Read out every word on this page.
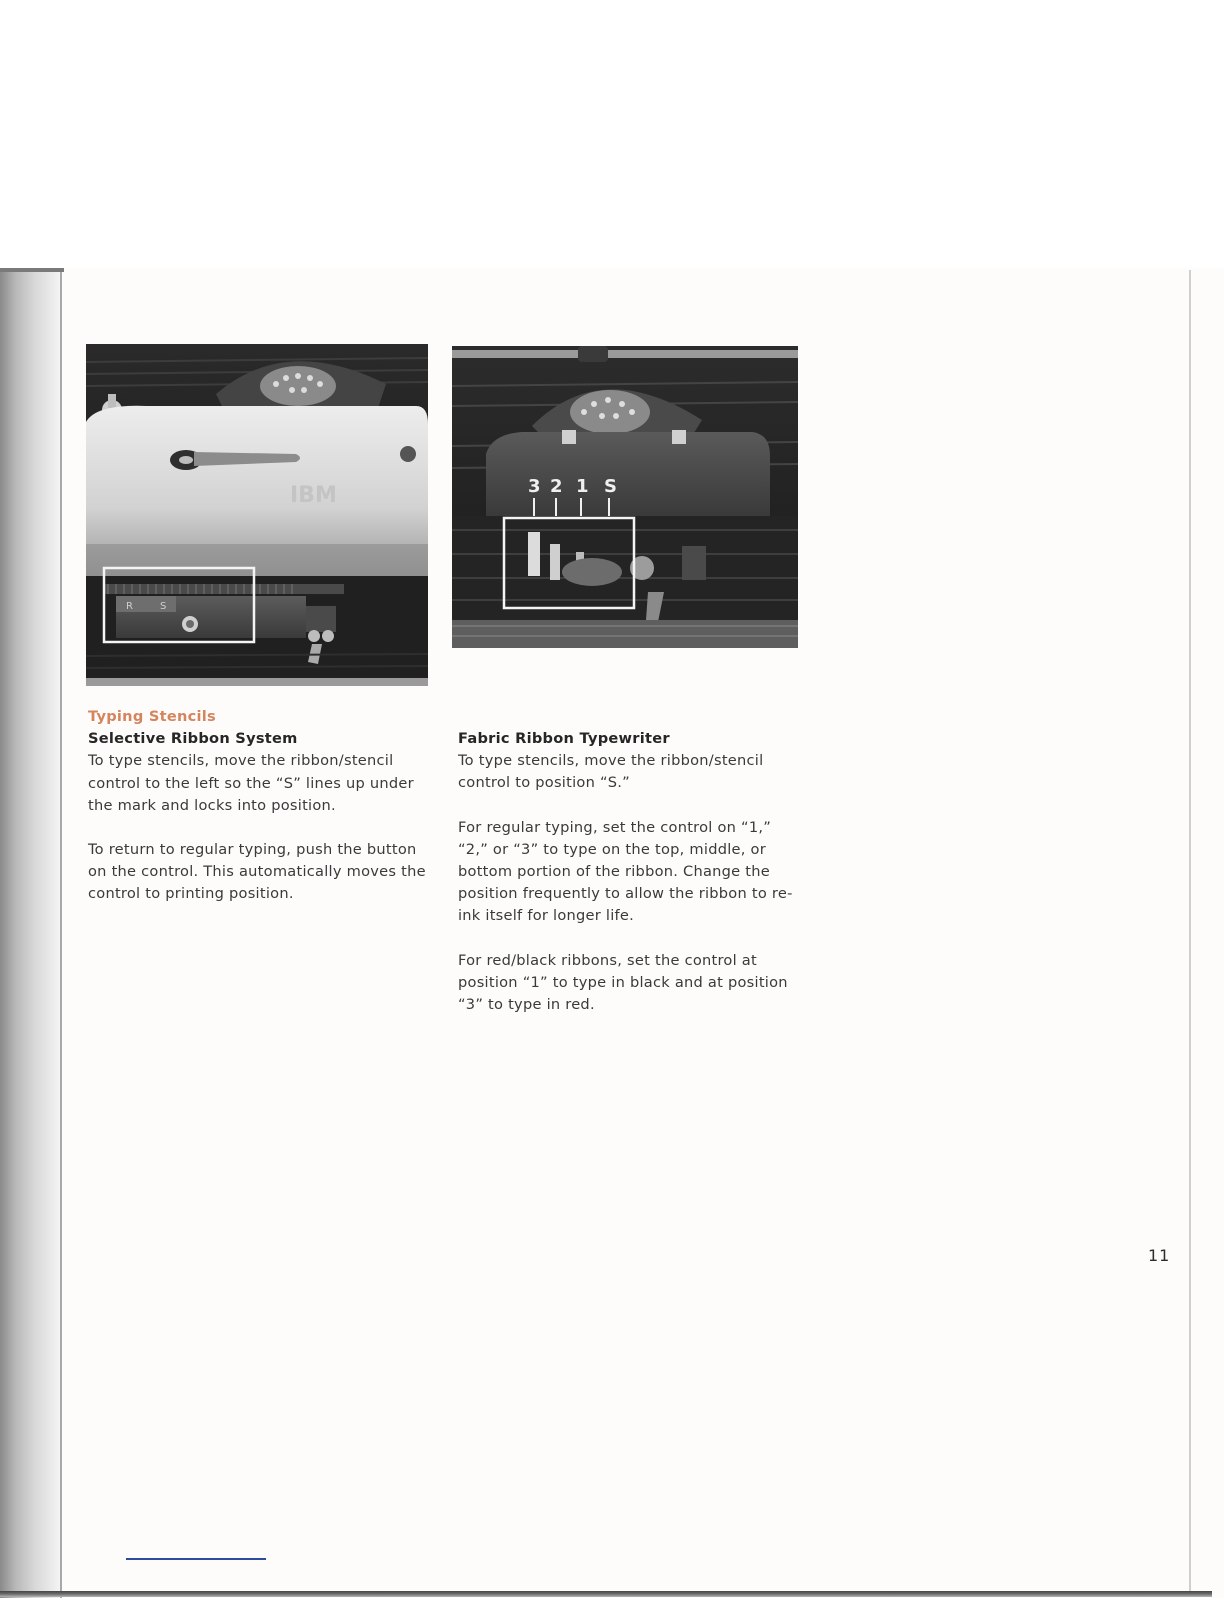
IBM
R	S
3 2 1 S
Typing Stencils
Selective Ribbon System

To type stencils, move the ribbon/stencil control to the left so the “S” lines up under the mark and locks into position.

To return to regular typing, push the button on the control. This automatically moves the control to printing position.

Fabric Ribbon Typewriter

To type stencils, move the ribbon/stencil control to position “S.”

For regular typing, set the control on “1,” “2,” or “3” to type on the top, middle, or bottom portion of the ribbon. Change the position frequently to allow the ribbon to re-ink itself for longer life.

For red/black ribbons, set the control at position “1” to type in black and at position “3” to type in red.

11
